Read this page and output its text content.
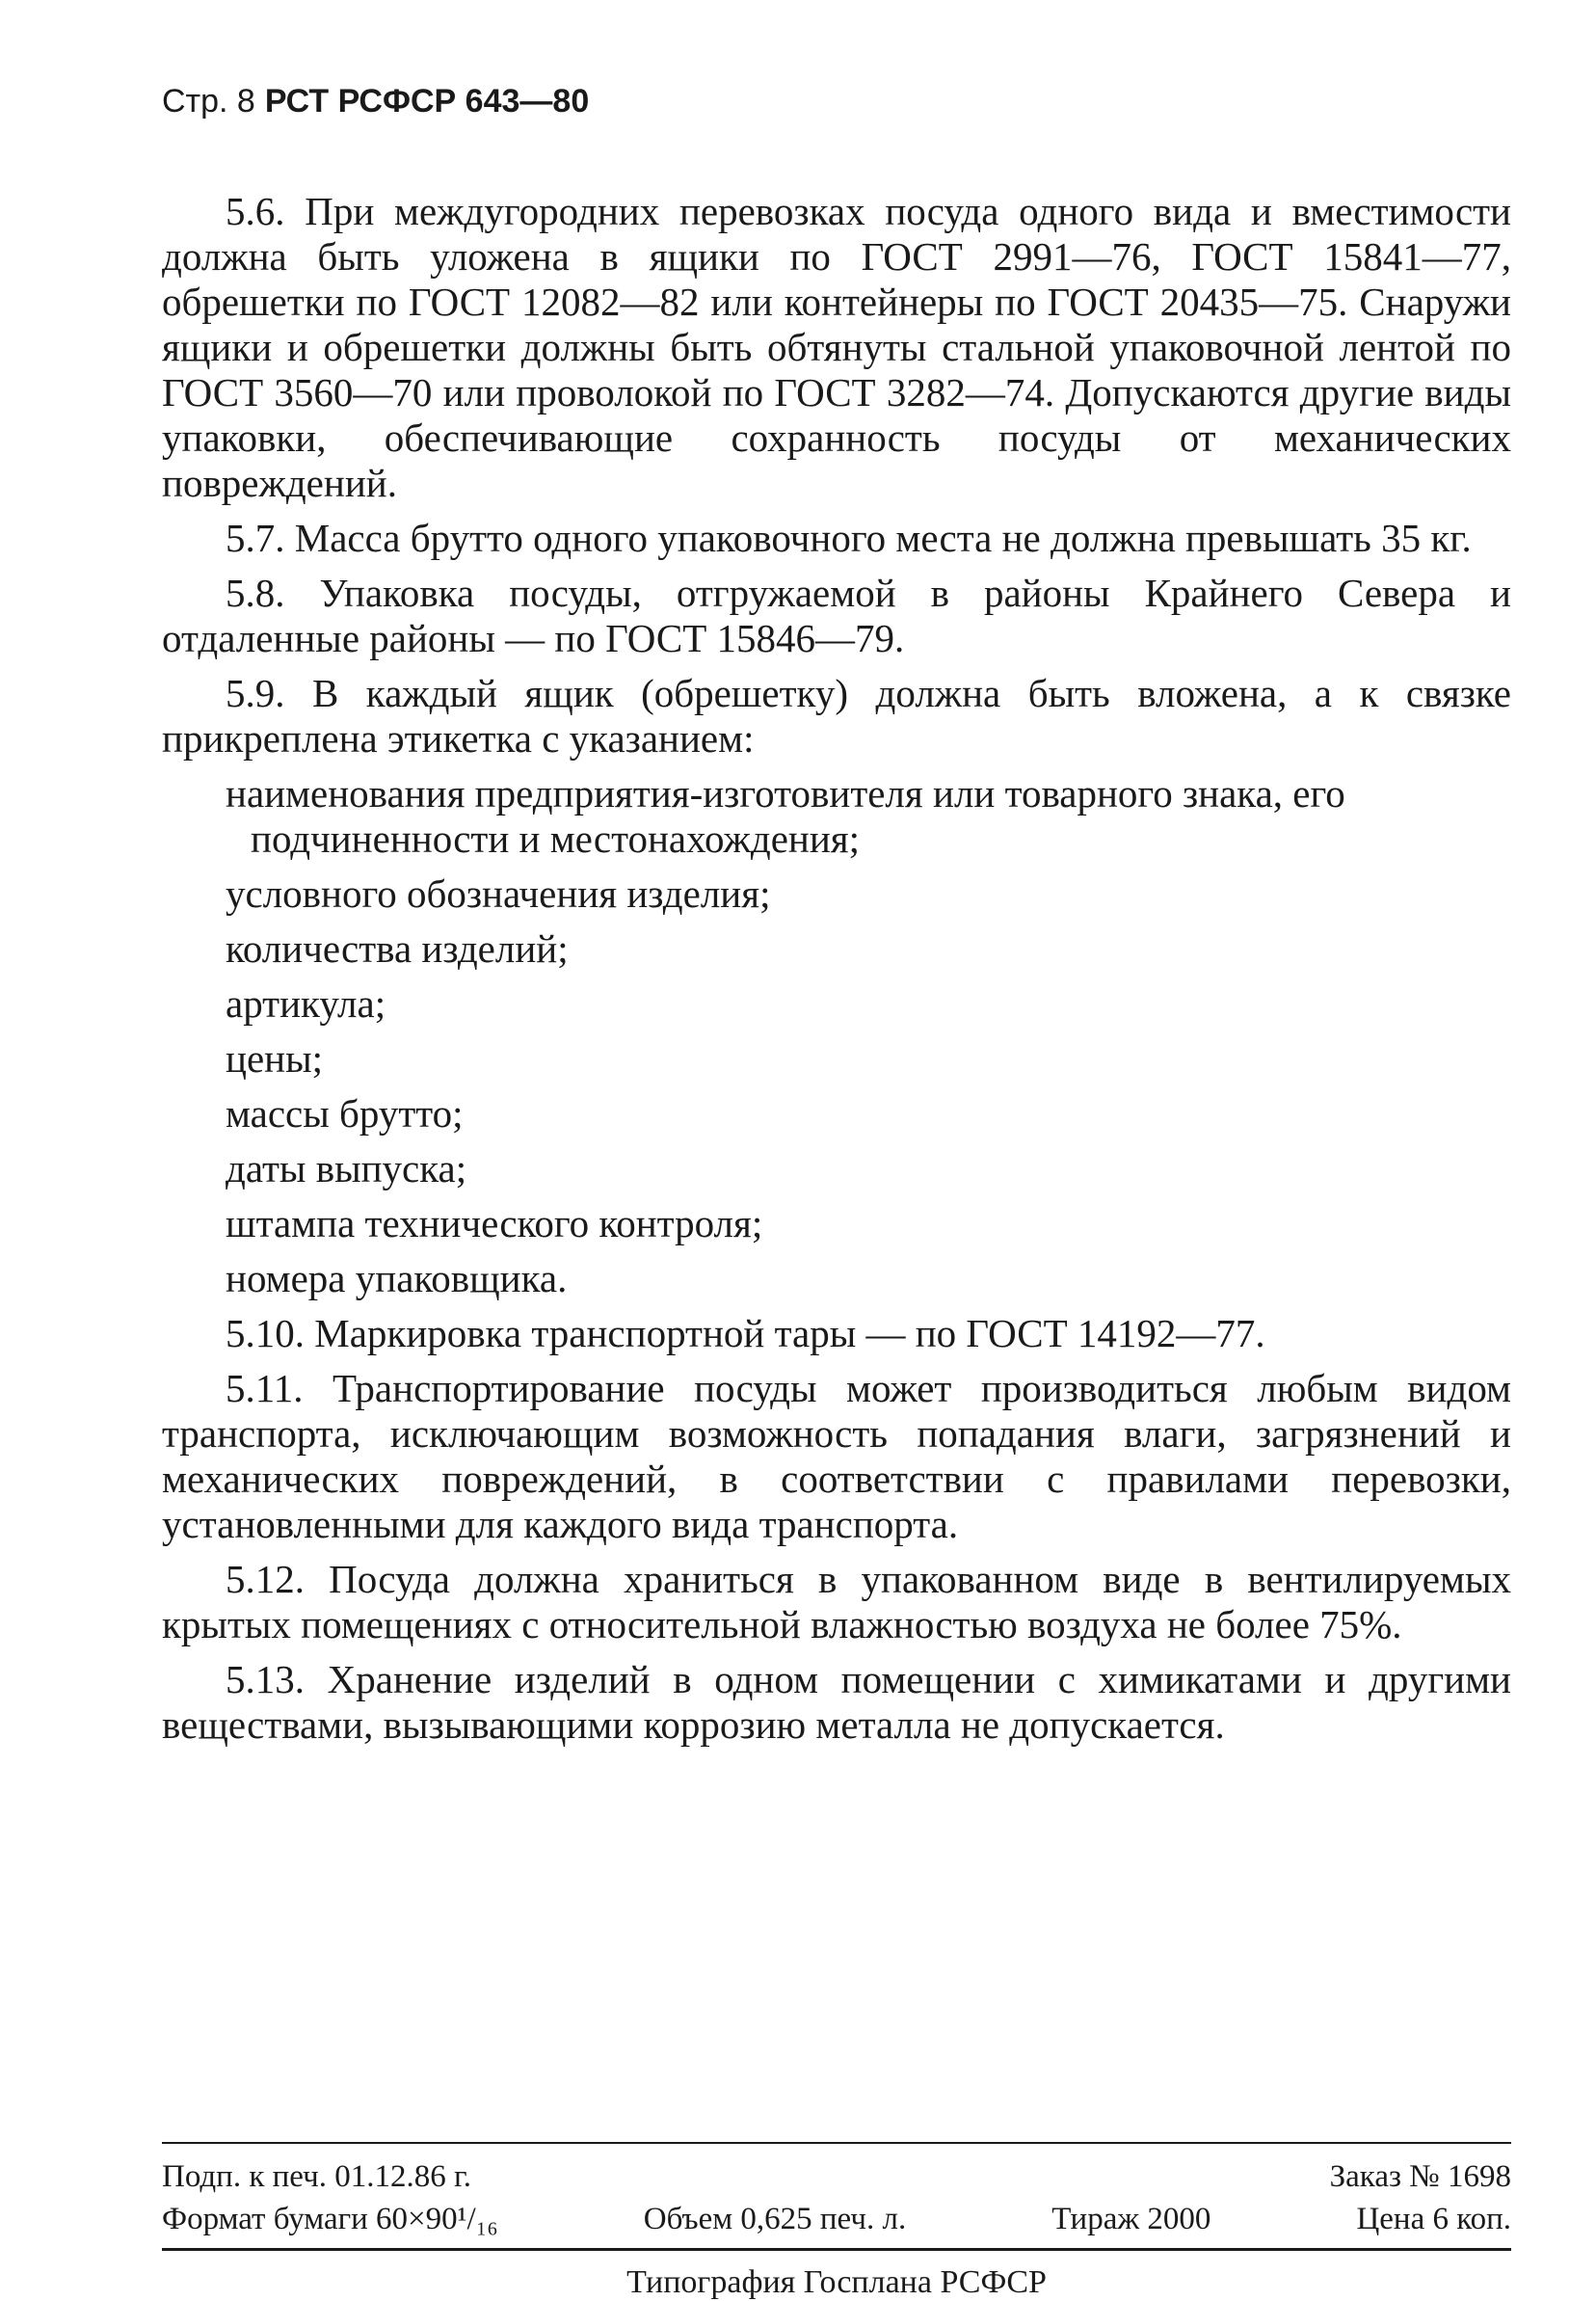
Стр. 8 РСТ РСФСР 643—80

5.6. При междугородних перевозках посуда одного вида и вместимости должна быть уложена в ящики по ГОСТ 2991—76, ГОСТ 15841—77, обрешетки по ГОСТ 12082—82 или контейнеры по ГОСТ 20435—75. Снаружи ящики и обрешетки должны быть обтянуты стальной упаковочной лентой по ГОСТ 3560—70 или проволокой по ГОСТ 3282—74. Допускаются другие виды упаковки, обеспечивающие сохранность посуды от механических повреждений.

5.7. Масса брутто одного упаковочного места не должна превышать 35 кг.

5.8. Упаковка посуды, отгружаемой в районы Крайнего Севера и отдаленные районы — по ГОСТ 15846—79.

5.9. В каждый ящик (обрешетку) должна быть вложена, а к связке прикреплена этикетка с указанием:

наименования предприятия-изготовителя или товарного знака, его подчиненности и местонахождения;
условного обозначения изделия;
количества изделий;
артикула;
цены;
массы брутто;
даты выпуска;
штампа технического контроля;
номера упаковщика.

5.10. Маркировка транспортной тары — по ГОСТ 14192—77.

5.11. Транспортирование посуды может производиться любым видом транспорта, исключающим возможность попадания влаги, загрязнений и механических повреждений, в соответствии с правилами перевозки, установленными для каждого вида транспорта.

5.12. Посуда должна храниться в упакованном виде в вентилируемых крытых помещениях с относительной влажностью воздуха не более 75%.

5.13. Хранение изделий в одном помещении с химикатами и другими веществами, вызывающими коррозию металла не допускается.

Подп. к печ. 01.12.86 г.	Заказ № 1698
Формат бумаги 60×90¹/₁₆	Объем 0,625 печ. л.	Тираж 2000	Цена 6 коп.
Типография Госплана РСФСР
